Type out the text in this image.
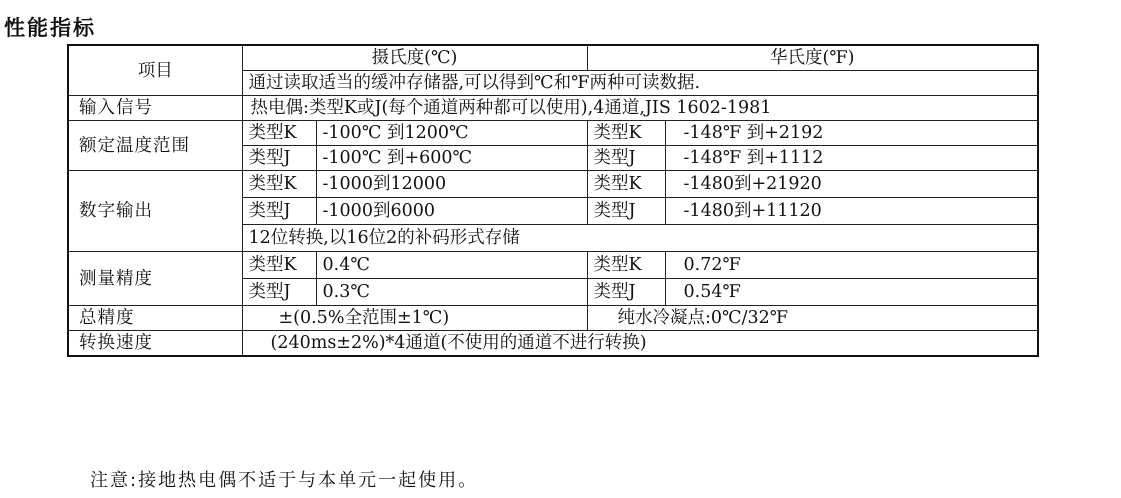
性能指标
项目	摄氏度(℃)		华氏度(℉)	
	通过读取适当的缓冲存储器,可以得到℃和℉两种可读数据.			
输入信号	热电偶:类型K或J(每个通道两种都可以使用),4通道,JIS 1602-1981			
额定温度范围	类型K	-100℃ 到1200℃	类型K	-148℉ 到+2192
	类型J	-100℃ 到+600℃	类型J	-148℉ 到+1112
数字输出	类型K	-1000到12000	类型K	-1480到+21920
	类型J	-1000到6000	类型J	-1480到+11120
	12位转换,以16位2的补码形式存储			
测量精度	类型K	0.4℃	类型K	0.72℉
	类型J	0.3℃	类型J	0.54℉
总精度	±(0.5%全范围±1℃)		纯水冷凝点:0℃/32℉	
转换速度	(240ms±2%)*4通道(不使用的通道不进行转换)			
注意:接地热电偶不适于与本单元一起使用。
